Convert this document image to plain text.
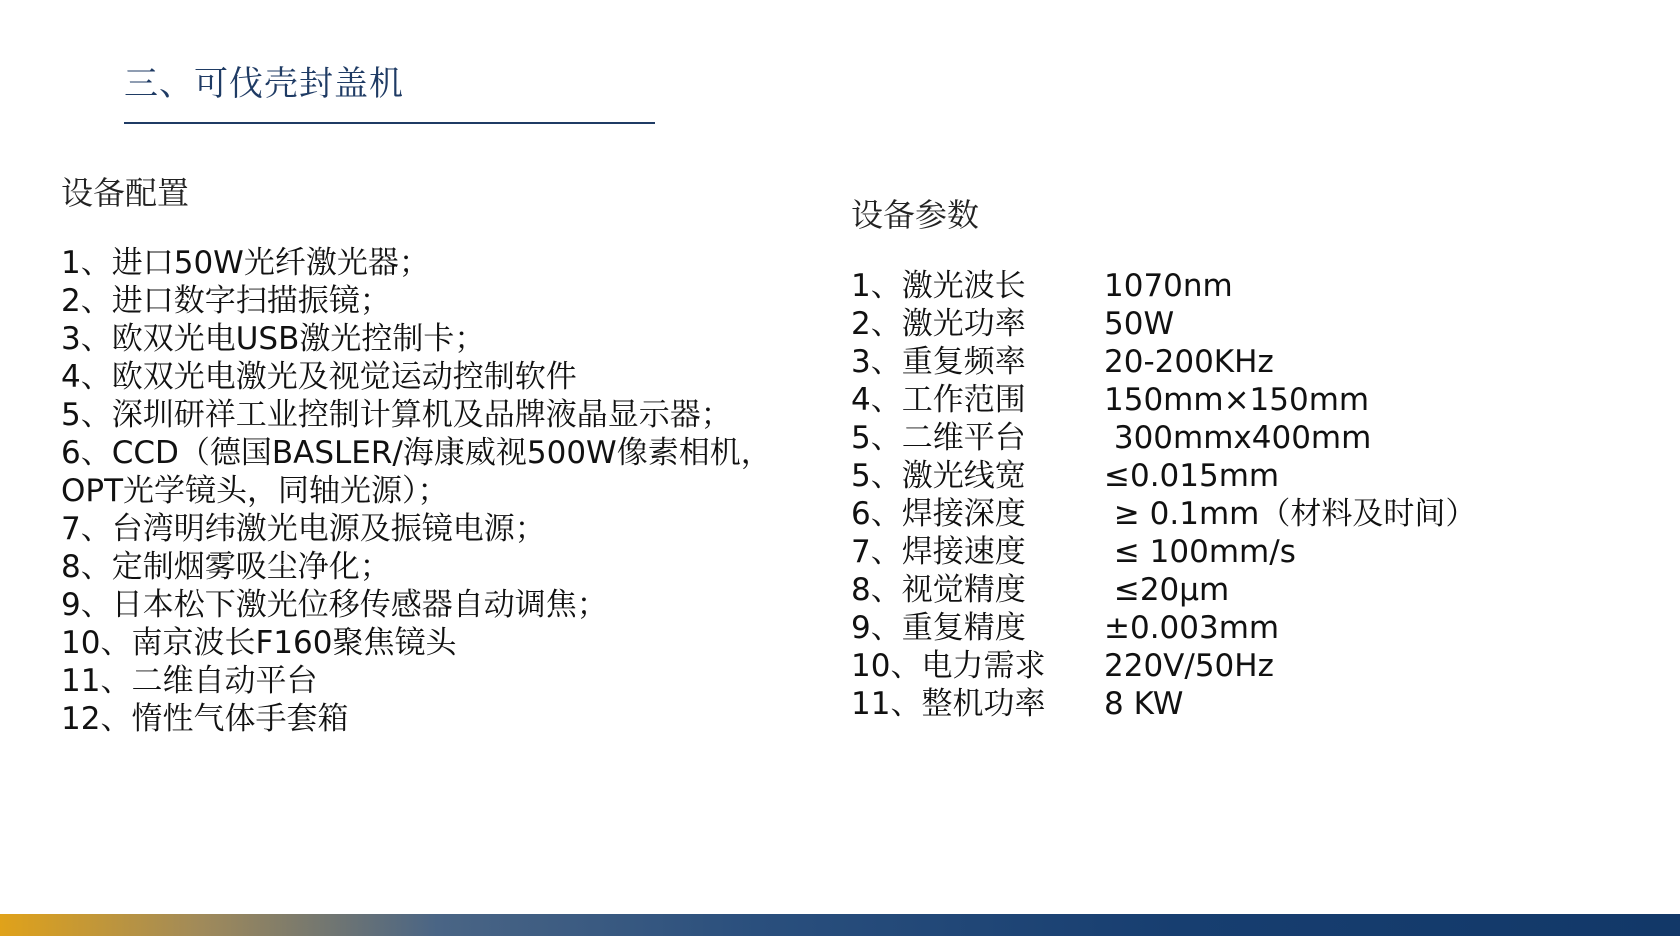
三、可伐壳封盖机
设备配置
1、进口50W光纤激光器；
2、进口数字扫描振镜；
3、欧双光电USB激光控制卡；
4、欧双光电激光及视觉运动控制软件
5、深圳研祥工业控制计算机及品牌液晶显示器；
6、CCD（德国BASLER/海康威视500W像素相机，OPT光学镜头，同轴光源）；
7、台湾明纬激光电源及振镜电源；
8、定制烟雾吸尘净化；
9、日本松下激光位移传感器自动调焦；
10、南京波长F160聚焦镜头
11、二维自动平台
12、惰性气体手套箱
设备参数
1、激光波长	1070nm
2、激光功率	50W
3、重复频率	20-200KHz
4、工作范围	150mm×150mm
5、二维平台	300mmx400mm
5、激光线宽	≤0.015mm
6、焊接深度	≥ 0.1mm（材料及时间）
7、焊接速度	≤ 100mm/s
8、视觉精度	≤20μm
9、重复精度	±0.003mm
10、电力需求 220V/50Hz
11、整机功率 8 KW
